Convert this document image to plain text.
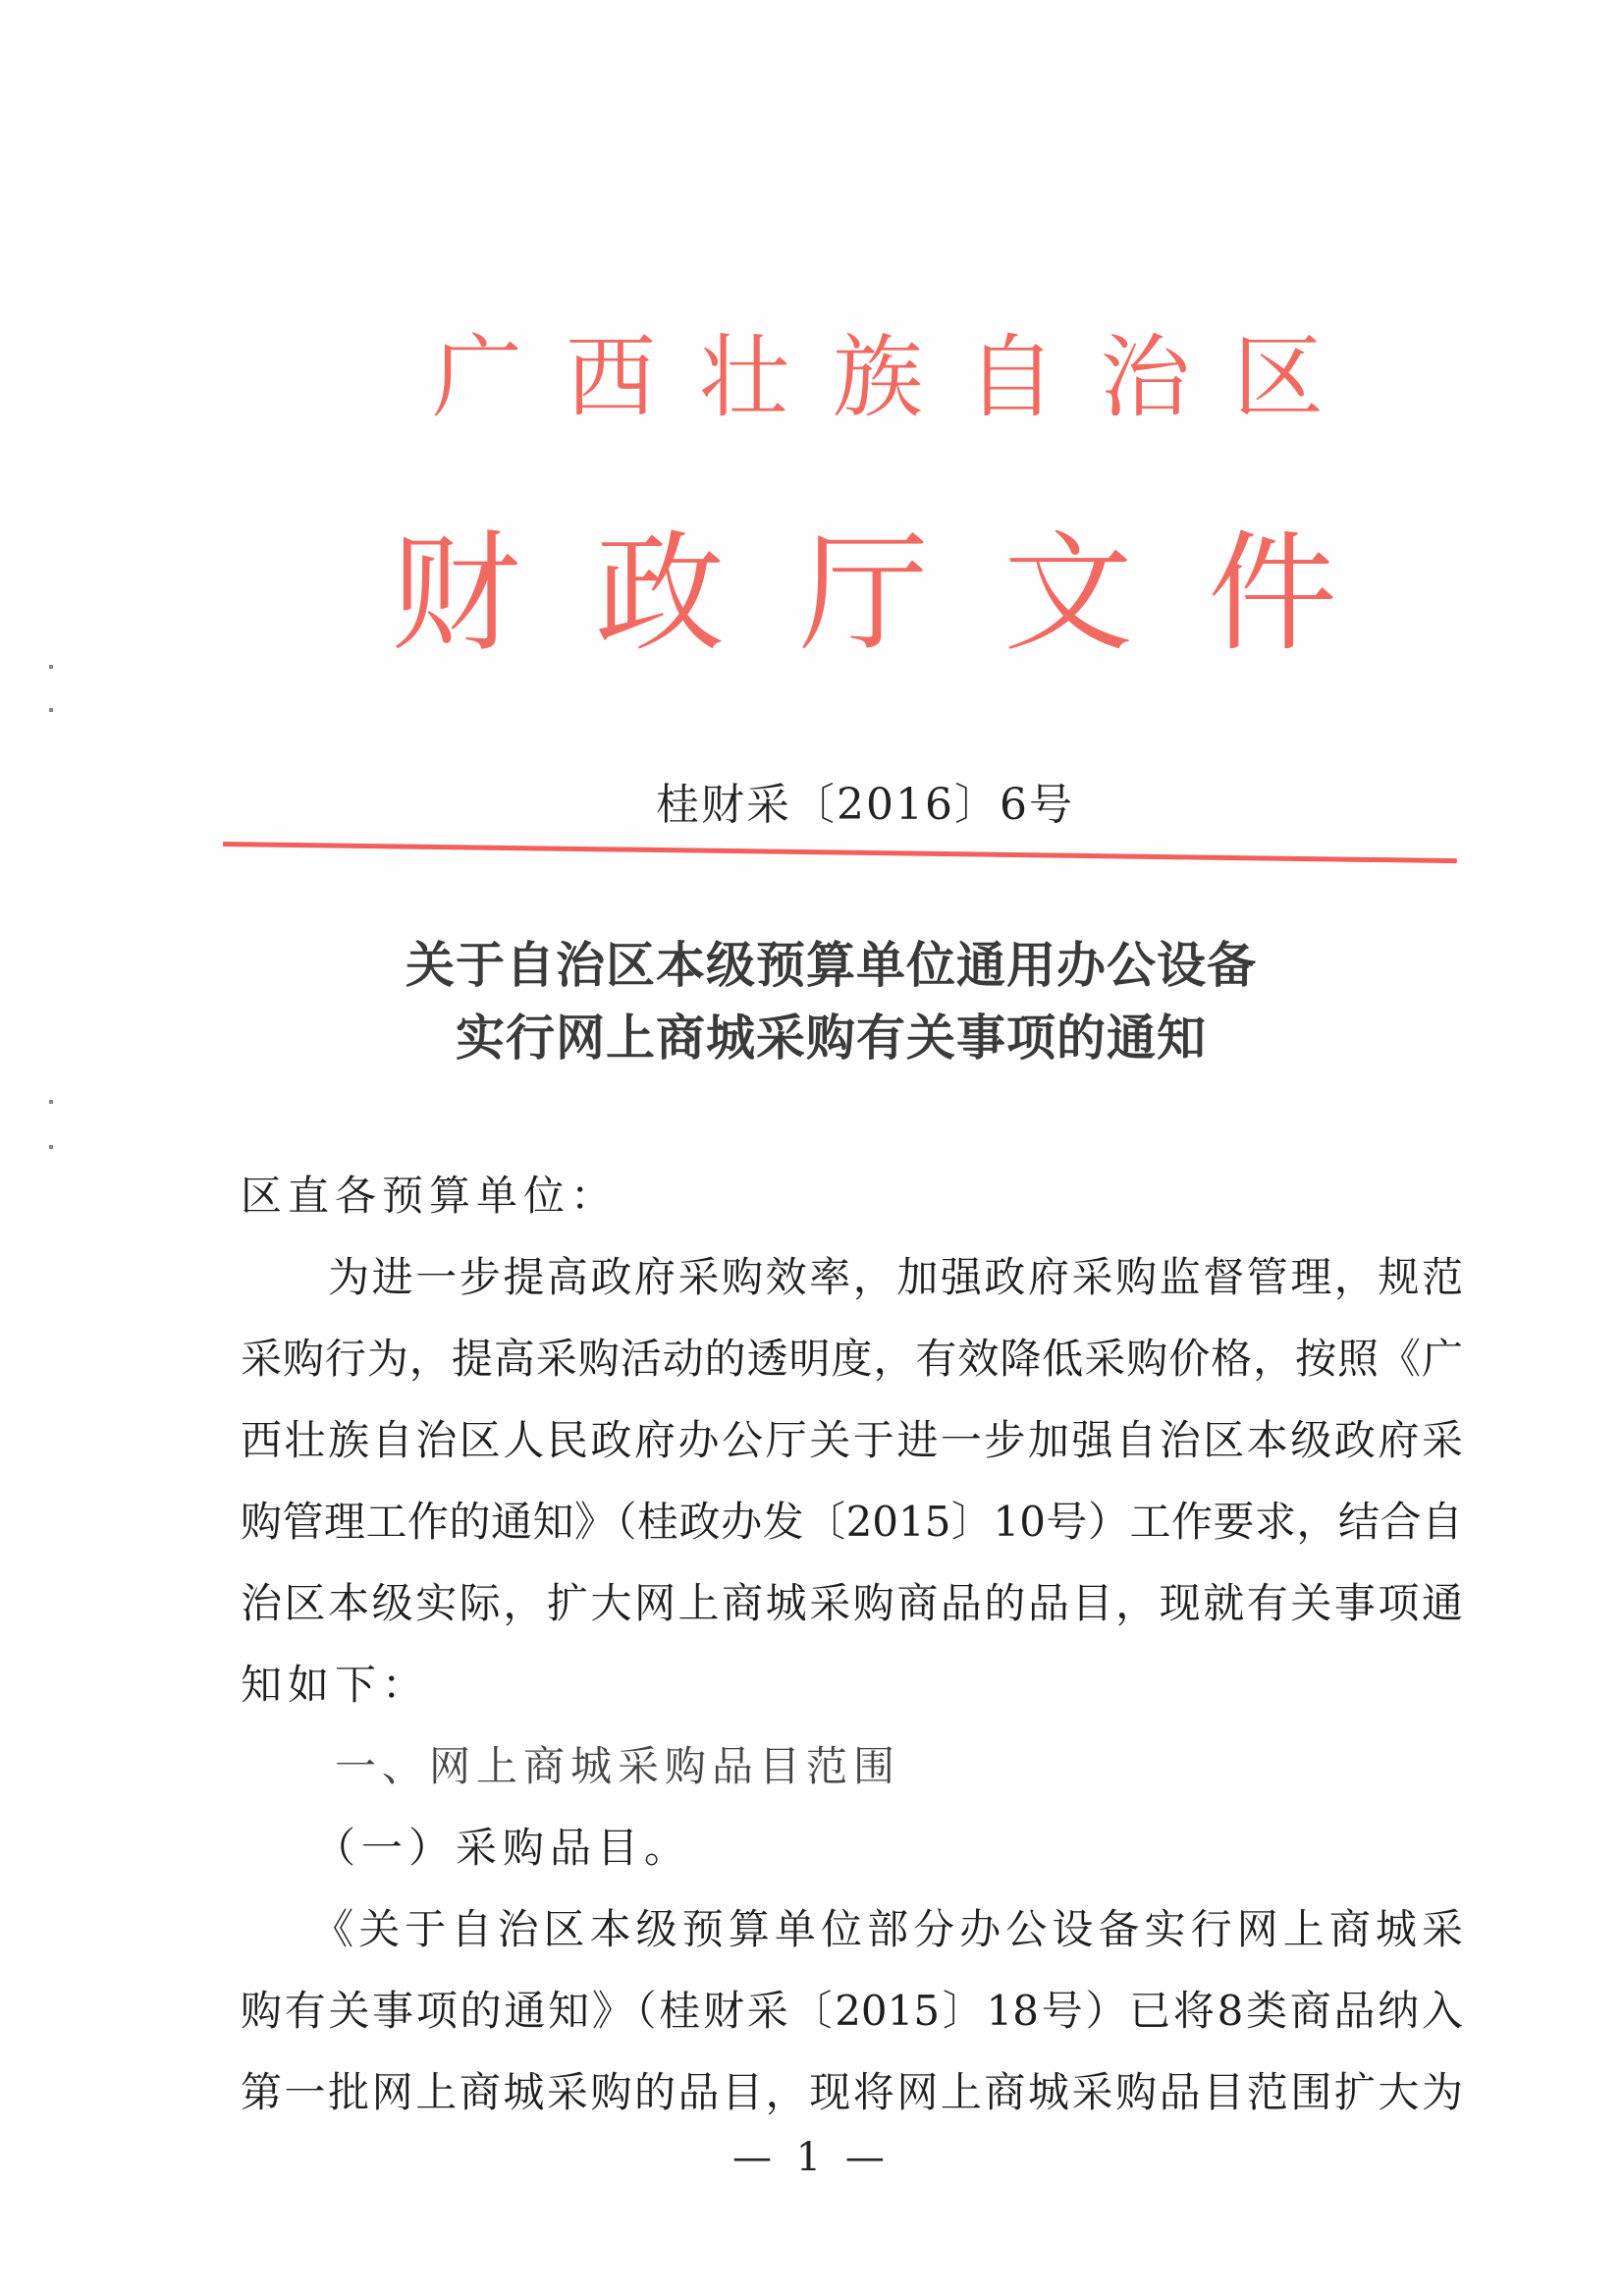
广西壮族自治区
财政厅文件
桂财采〔2016〕6号
关于自治区本级预算单位通用办公设备
实行网上商城采购有关事项的通知
区直各预算单位：
　　为进一步提高政府采购效率，加强政府采购监督管理，规范
采购行为，提高采购活动的透明度，有效降低采购价格，按照《广
西壮族自治区人民政府办公厅关于进一步加强自治区本级政府采
购管理工作的通知》（桂政办发〔2015〕10号）工作要求，结合自
治区本级实际，扩大网上商城采购商品的品目，现就有关事项通
知如下：
　　一、网上商城采购品目范围
　　（一）采购品目。
　　《关于自治区本级预算单位部分办公设备实行网上商城采
购有关事项的通知》（桂财采〔2015〕18号）已将8类商品纳入
第一批网上商城采购的品目，现将网上商城采购品目范围扩大为
— 1 —
